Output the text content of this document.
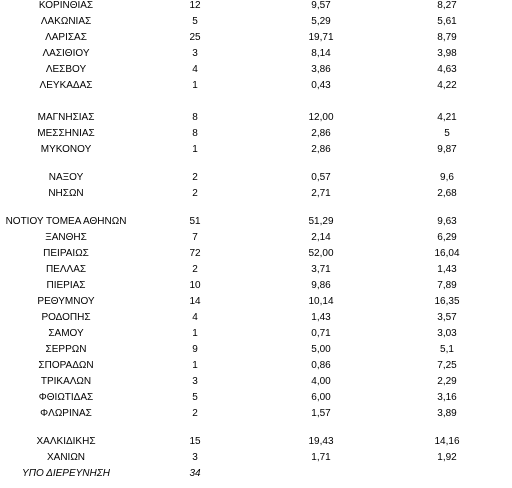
ΚΟΡΙΝΘΙΑΣ	12	9,57	8,27
ΛΑΚΩΝΙΑΣ	5	5,29	5,61
ΛΑΡΙΣΑΣ	25	19,71	8,79
ΛΑΣΙΘΙΟΥ	3	8,14	3,98
ΛΕΣΒΟΥ	4	3,86	4,63
ΛΕΥΚΑΔΑΣ	1	0,43	4,22
ΜΑΓΝΗΣΙΑΣ	8	12,00	4,21
ΜΕΣΣΗΝΙΑΣ	8	2,86	5
ΜΥΚΟΝΟΥ	1	2,86	9,87
ΝΑΞΟΥ	2	0,57	9,6
ΝΗΣΩΝ	2	2,71	2,68
ΝΟΤΙΟΥ ΤΟΜΕΑ ΑΘΗΝΩΝ	51	51,29	9,63
ΞΑΝΘΗΣ	7	2,14	6,29
ΠΕΙΡΑΙΩΣ	72	52,00	16,04
ΠΕΛΛΑΣ	2	3,71	1,43
ΠΙΕΡΙΑΣ	10	9,86	7,89
ΡΕΘΥΜΝΟΥ	14	10,14	16,35
ΡΟΔΟΠΗΣ	4	1,43	3,57
ΣΑΜΟΥ	1	0,71	3,03
ΣΕΡΡΩΝ	9	5,00	5,1
ΣΠΟΡΑΔΩΝ	1	0,86	7,25
ΤΡΙΚΑΛΩΝ	3	4,00	2,29
ΦΘΙΩΤΙΔΑΣ	5	6,00	3,16
ΦΛΩΡΙΝΑΣ	2	1,57	3,89
ΧΑΛΚΙΔΙΚΗΣ	15	19,43	14,16
ΧΑΝΙΩΝ	3	1,71	1,92
ΥΠΟ ΔΙΕΡΕΥΝΗΣΗ	34
